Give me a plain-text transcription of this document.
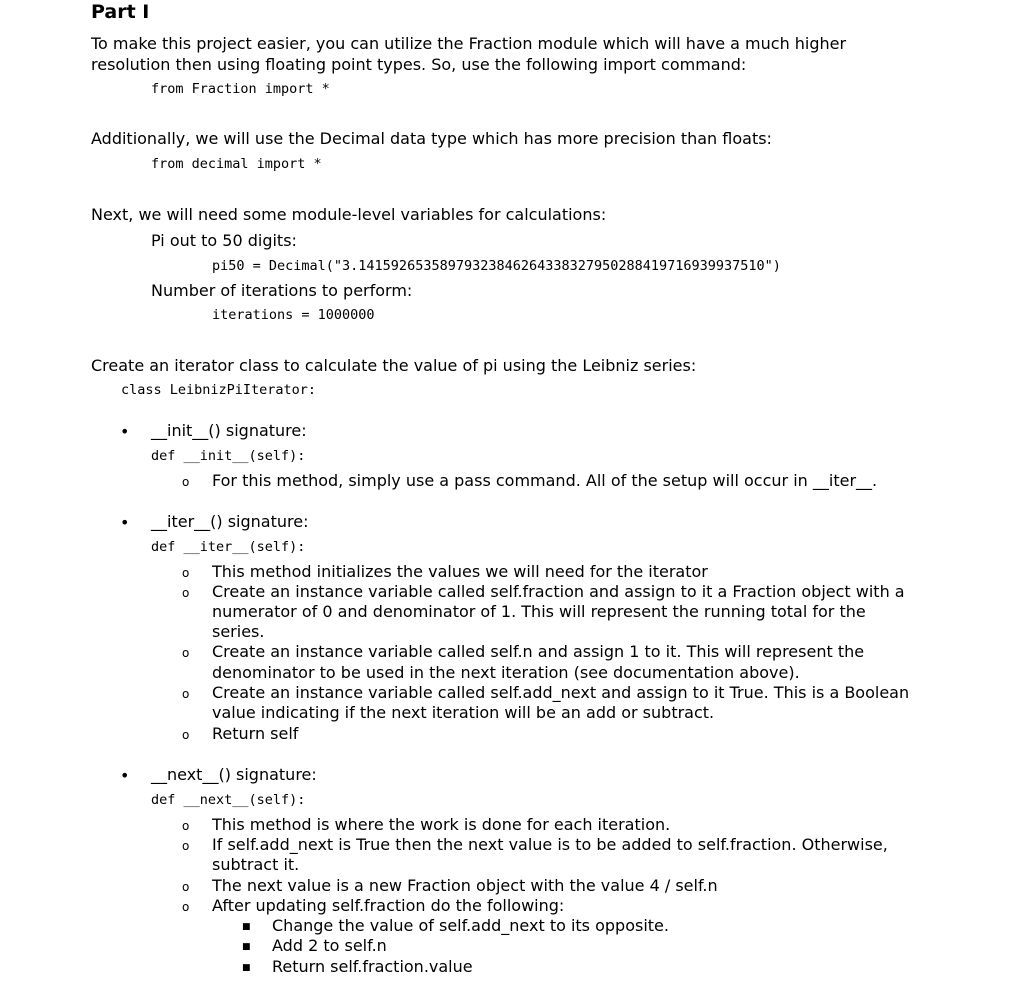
Part I
To make this project easier, you can utilize the Fraction module which will have a much higher
resolution then using floating point types. So, use the following import command:
from Fraction import *
Additionally, we will use the Decimal data type which has more precision than floats:
from decimal import *
Next, we will need some module-level variables for calculations:
Pi out to 50 digits:
pi50 = Decimal("3.14159265358979323846264338327950288419716939937510")
Number of iterations to perform:
iterations = 1000000
Create an iterator class to calculate the value of pi using the Leibniz series:
class LeibnizPiIterator:
• __init__() signature:
def __init__(self):
o For this method, simply use a pass command. All of the setup will occur in __iter__.
• __iter__() signature:
def __iter__(self):
o This method initializes the values we will need for the iterator
o Create an instance variable called self.fraction and assign to it a Fraction object with a
numerator of 0 and denominator of 1. This will represent the running total for the
series.
o Create an instance variable called self.n and assign 1 to it. This will represent the
denominator to be used in the next iteration (see documentation above).
o Create an instance variable called self.add_next and assign to it True. This is a Boolean
value indicating if the next iteration will be an add or subtract.
o Return self
• __next__() signature:
def __next__(self):
o This method is where the work is done for each iteration.
o If self.add_next is True then the next value is to be added to self.fraction. Otherwise,
subtract it.
o The next value is a new Fraction object with the value 4 / self.n
o After updating self.fraction do the following:
■ Change the value of self.add_next to its opposite.
■ Add 2 to self.n
■ Return self.fraction.value
